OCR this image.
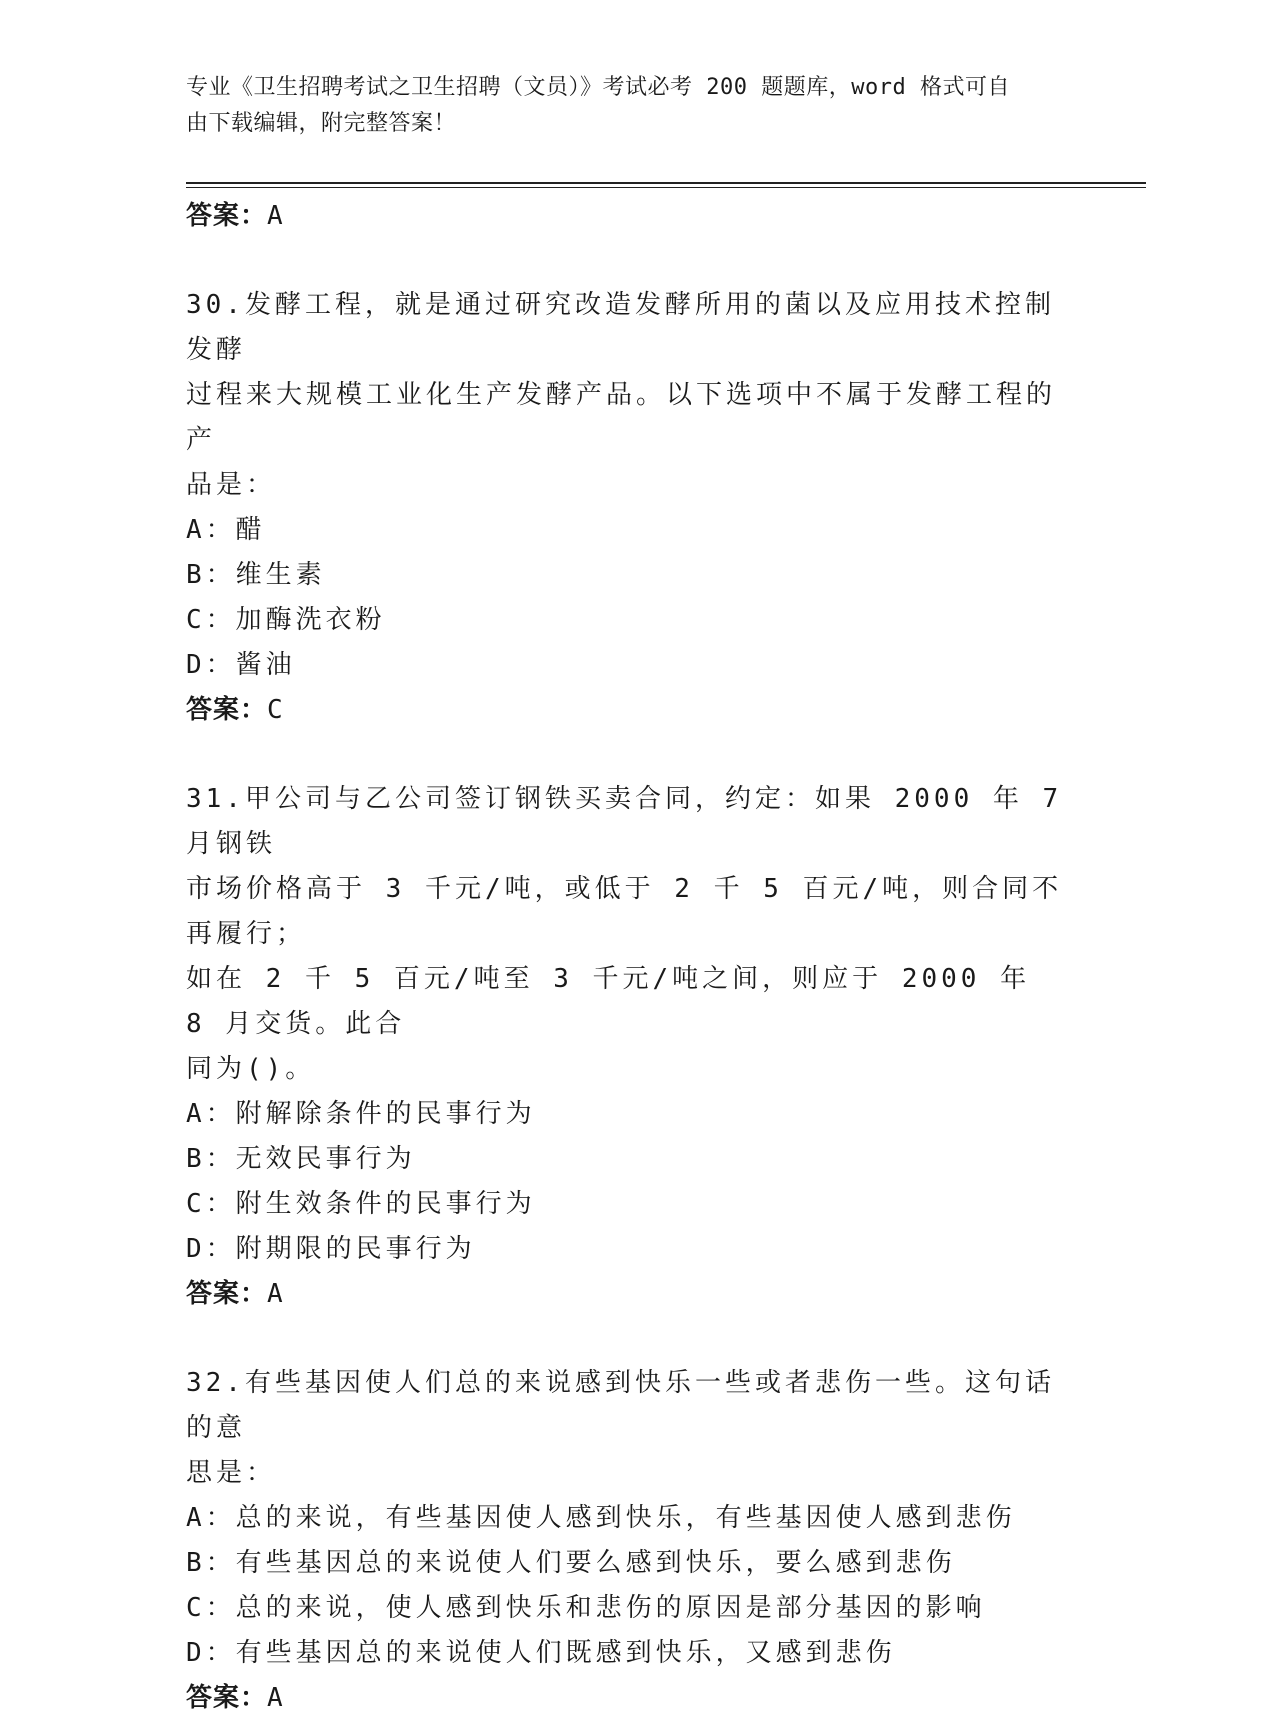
专业《卫生招聘考试之卫生招聘（文员）》考试必考 200 题题库，word 格式可自

由下载编辑，附完整答案！

答案：A

30.发酵工程，就是通过研究改造发酵所用的菌以及应用技术控制发酵

过程来大规模工业化生产发酵产品。以下选项中不属于发酵工程的产

品是：

A：醋

B：维生素

C：加酶洗衣粉

D：酱油

答案：C

31.甲公司与乙公司签订钢铁买卖合同，约定：如果 2000 年 7 月钢铁

市场价格高于 3 千元/吨，或低于 2 千 5 百元/吨，则合同不再履行；

如在 2 千 5 百元/吨至 3 千元/吨之间，则应于 2000 年 8 月交货。此合

同为()。

A：附解除条件的民事行为

B：无效民事行为

C：附生效条件的民事行为

D：附期限的民事行为

答案：A

32.有些基因使人们总的来说感到快乐一些或者悲伤一些。这句话的意

思是：

A：总的来说，有些基因使人感到快乐，有些基因使人感到悲伤

B：有些基因总的来说使人们要么感到快乐，要么感到悲伤

C：总的来说，使人感到快乐和悲伤的原因是部分基因的影响

D：有些基因总的来说使人们既感到快乐，又感到悲伤

答案：A
